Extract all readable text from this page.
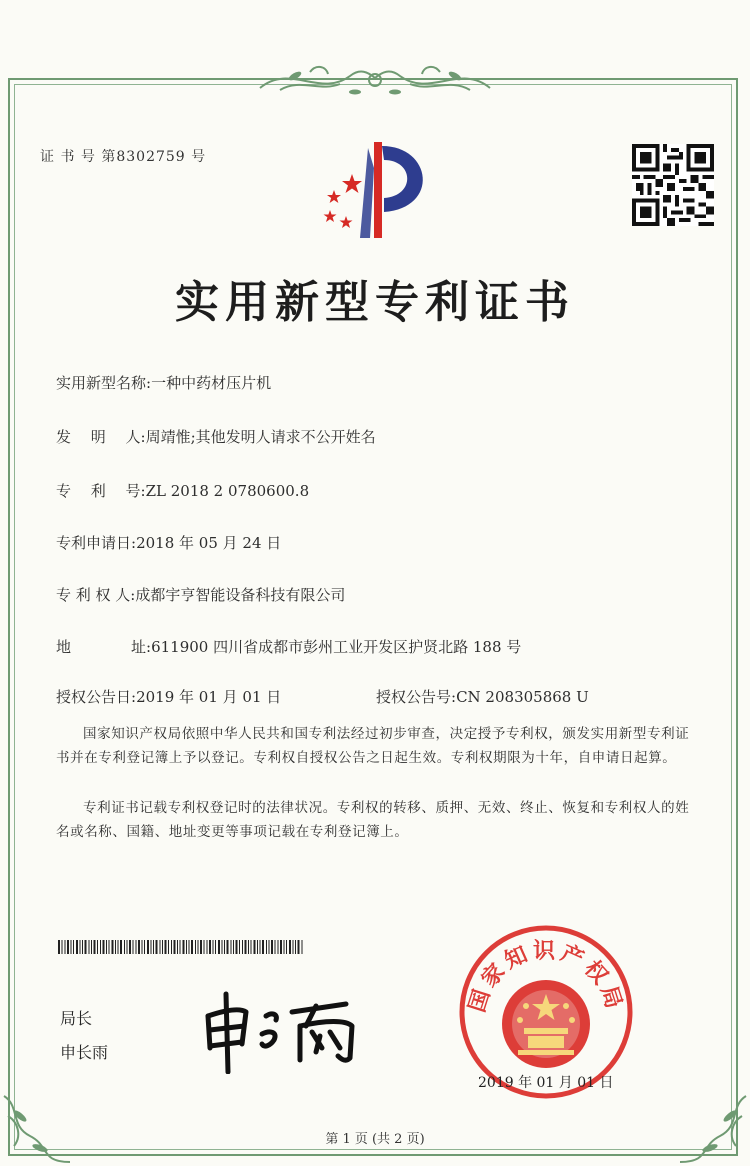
证 书 号 第8302759 号
实用新型专利证书
实用新型名称:一种中药材压片机
发　 明　 人:周靖惟;其他发明人请求不公开姓名
专　 利　 号:ZL 2018 2 0780600.8
专利申请日:2018 年 05 月 24 日
专 利 权 人:成都宇亨智能设备科技有限公司
地　　　　址:611900 四川省成都市彭州工业开发区护贤北路 188 号
授权公告日:2019 年 01 月 01 日	授权公告号:CN 208305868 U
国家知识产权局依照中华人民共和国专利法经过初步审查，决定授予专利权，颁发实用新型专利证书并在专利登记簿上予以登记。专利权自授权公告之日起生效。专利权期限为十年，自申请日起算。
专利证书记载专利权登记时的法律状况。专利权的转移、质押、无效、终止、恢复和专利权人的姓名或名称、国籍、地址变更等事项记载在专利登记簿上。
局长
申长雨
国家知识产权局
2019 年 01 月 01 日
第 1 页 (共 2 页)
